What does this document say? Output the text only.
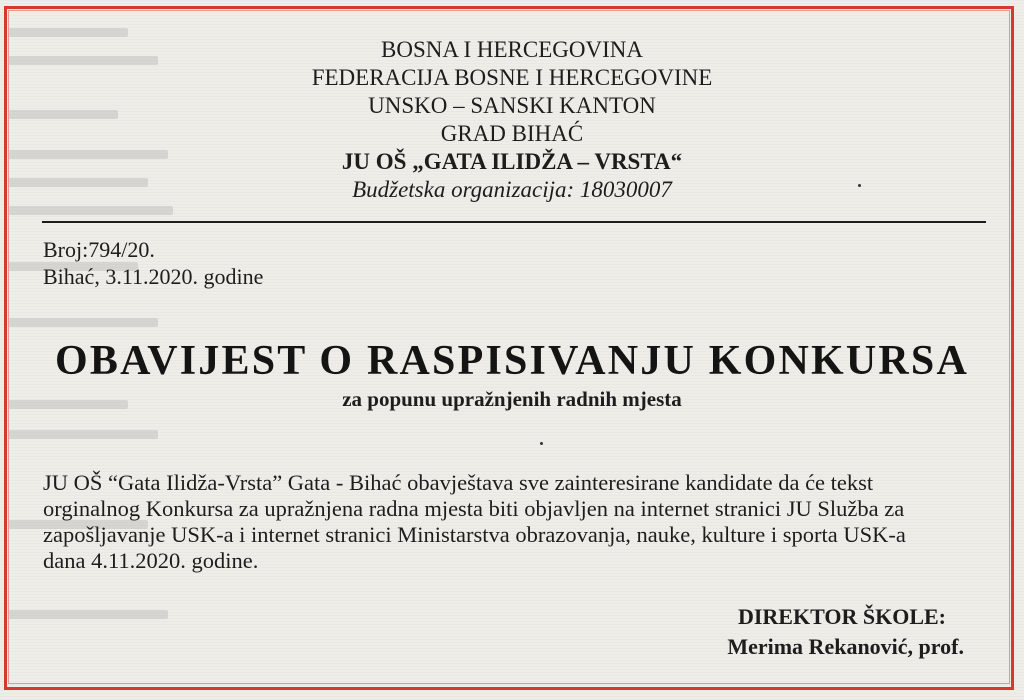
BOSNA I HERCEGOVINA
FEDERACIJA BOSNE I HERCEGOVINE
UNSKO – SANSKI KANTON
GRAD BIHAĆ
JU OŠ „GATA ILIDŽA – VRSTA“
Budžetska organizacija: 18030007
Broj:794/20.
Bihać, 3.11.2020. godine
OBAVIJEST O RASPISIVANJU KONKURSA
za popunu upražnjenih radnih mjesta
JU OŠ “Gata Ilidža-Vrsta” Gata - Bihać obavještava sve zainteresirane kandidate da će tekst
orginalnog Konkursa za upražnjena radna mjesta biti objavljen na internet stranici JU Služba za
zapošljavanje USK-a i internet stranici Ministarstva obrazovanja, nauke, kulture i sporta USK-a
dana 4.11.2020. godine.
DIREKTOR ŠKOLE:
Merima Rekanović, prof.
